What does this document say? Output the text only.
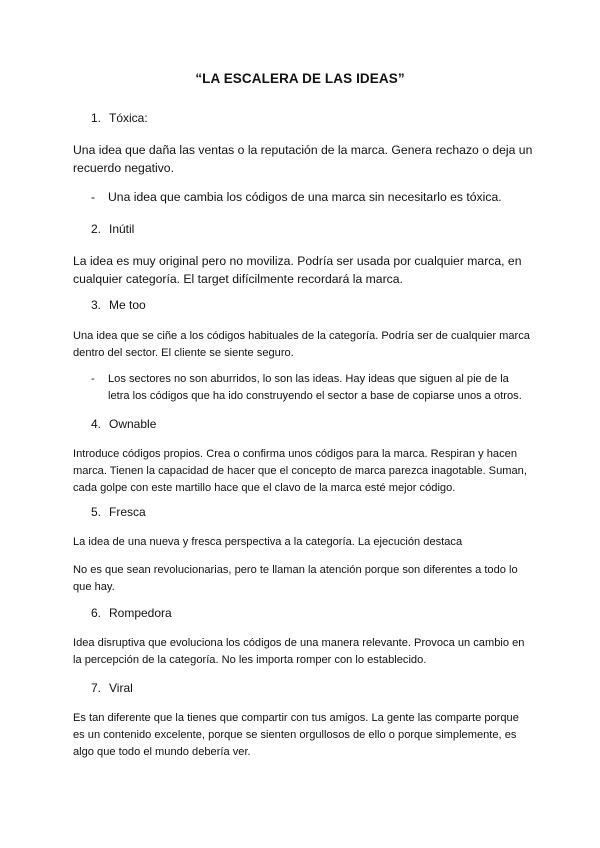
“LA ESCALERA DE LAS IDEAS”
1. Tóxica:
Una idea que daña las ventas o la reputación de la marca. Genera rechazo o deja un recuerdo negativo.
- Una idea que cambia los códigos de una marca sin necesitarlo es tóxica.
2. Inútil
La idea es muy original pero no moviliza. Podría ser usada por cualquier marca, en cualquier categoría. El target difícilmente recordará la marca.
3. Me too
Una idea que se ciñe a los códigos habituales de la categoría. Podría ser de cualquier marca dentro del sector. El cliente se siente seguro.
- Los sectores no son aburridos, lo son las ideas. Hay ideas que siguen al pie de la letra los códigos que ha ido construyendo el sector a base de copiarse unos a otros.
4. Ownable
Introduce códigos propios. Crea o confirma unos códigos para la marca. Respiran y hacen marca. Tienen la capacidad de hacer que el concepto de marca parezca inagotable. Suman, cada golpe con este martillo hace que el clavo de la marca esté mejor código.
5. Fresca
La idea de una nueva y fresca perspectiva a la categoría. La ejecución destaca
No es que sean revolucionarias, pero te llaman la atención porque son diferentes a todo lo que hay.
6. Rompedora
Idea disruptiva que evoluciona los códigos de una manera relevante. Provoca un cambio en la percepción de la categoría. No les importa romper con lo establecido.
7. Viral
Es tan diferente que la tienes que compartir con tus amigos. La gente las comparte porque es un contenido excelente, porque se sienten orgullosos de ello o porque simplemente, es algo que todo el mundo debería ver.
